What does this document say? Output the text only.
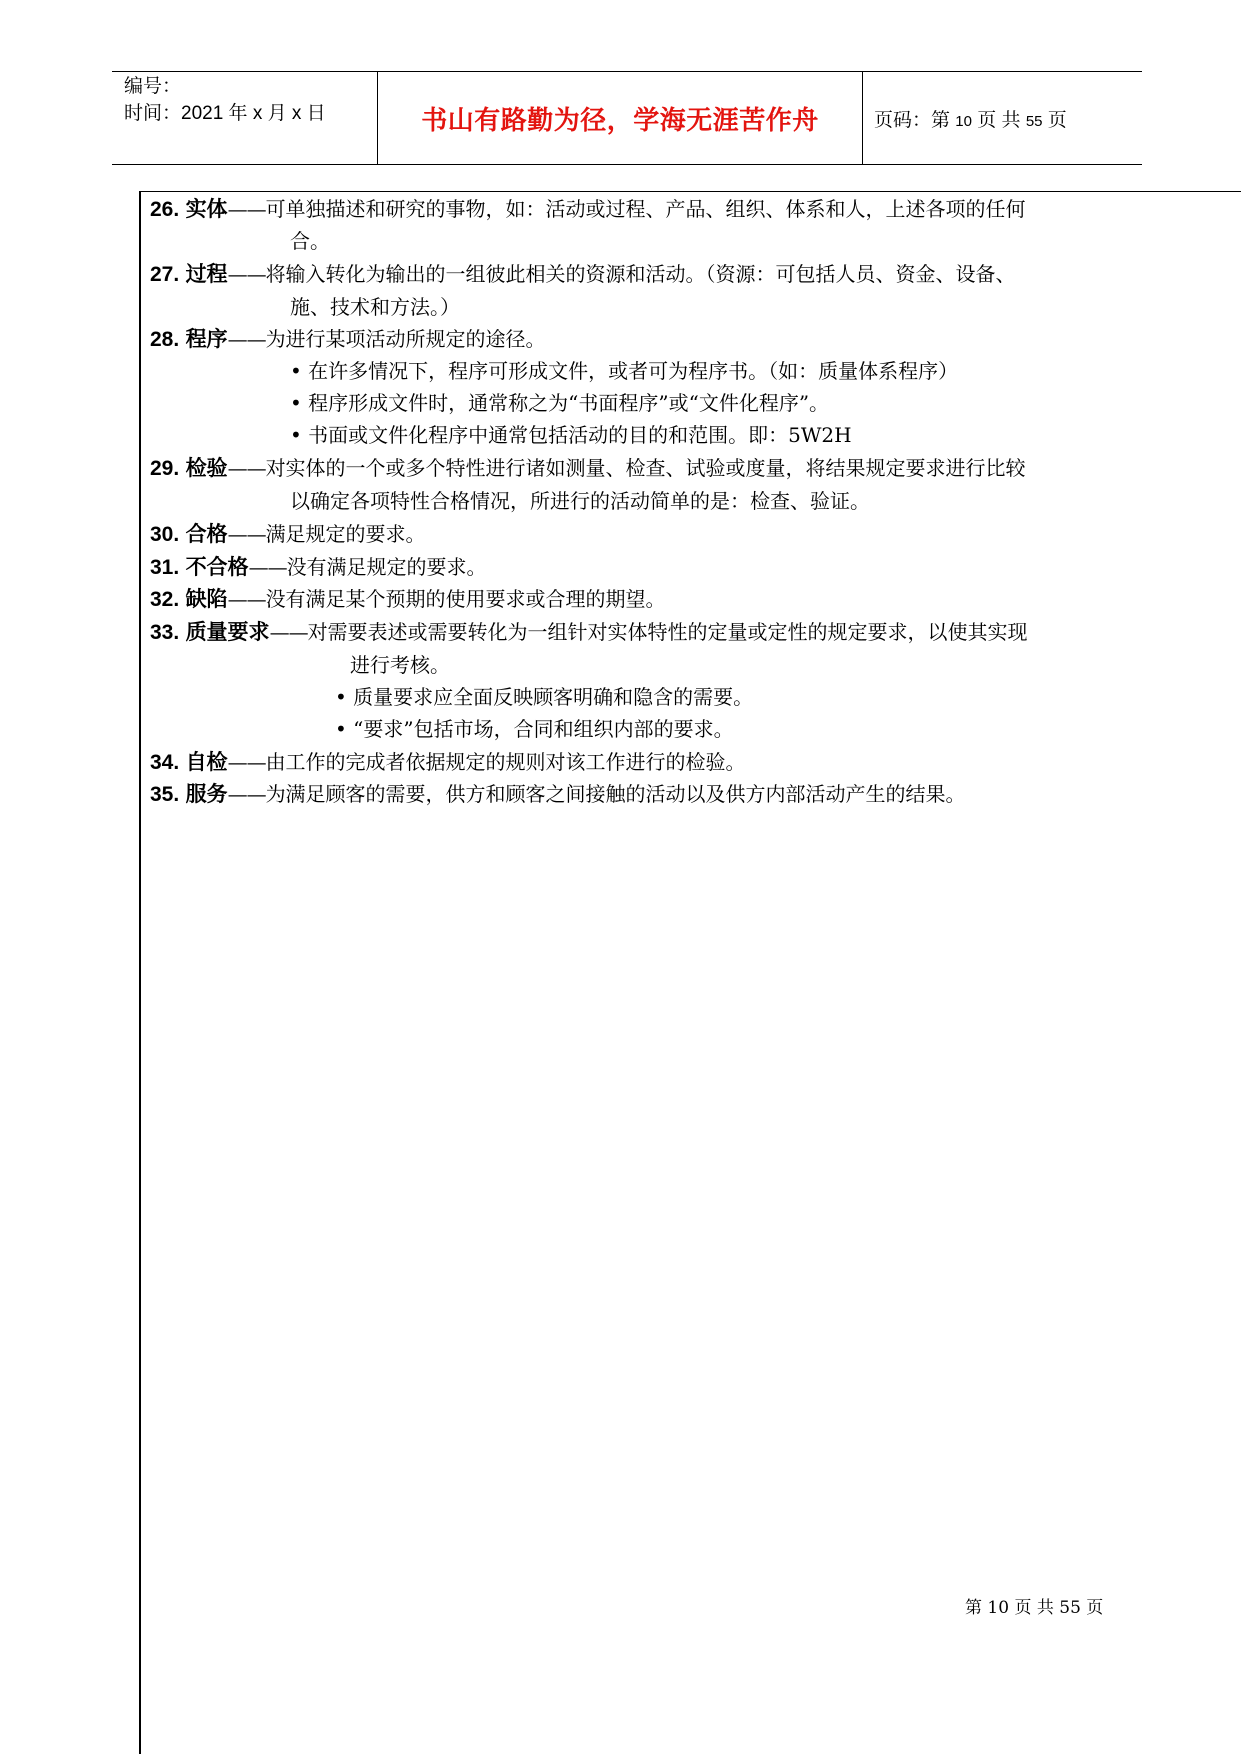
编号：
时间：2021 年 x 月 x 日	书山有路勤为径，学海无涯苦作舟	页码：第 10 页 共 55 页
26. 实体——可单独描述和研究的事物，如：活动或过程、产品、组织、体系和人，上述各项的任何
合。
27. 过程——将输入转化为输出的一组彼此相关的资源和活动。（资源：可包括人员、资金、设备、
施、技术和方法。）
28. 程序——为进行某项活动所规定的途径。
• 在许多情况下，程序可形成文件，或者可为程序书。（如：质量体系程序）
• 程序形成文件时，通常称之为“书面程序”或“文件化程序”。
• 书面或文件化程序中通常包括活动的目的和范围。即：5W2H
29. 检验——对实体的一个或多个特性进行诸如测量、检查、试验或度量，将结果规定要求进行比较
以确定各项特性合格情况，所进行的活动简单的是：检查、验证。
30. 合格——满足规定的要求。
31. 不合格——没有满足规定的要求。
32. 缺陷——没有满足某个预期的使用要求或合理的期望。
33. 质量要求——对需要表述或需要转化为一组针对实体特性的定量或定性的规定要求，以使其实现
进行考核。
• 质量要求应全面反映顾客明确和隐含的需要。
• “要求”包括市场，合同和组织内部的要求。
34. 自检——由工作的完成者依据规定的规则对该工作进行的检验。
35. 服务——为满足顾客的需要，供方和顾客之间接触的活动以及供方内部活动产生的结果。
第 10 页 共 55 页
